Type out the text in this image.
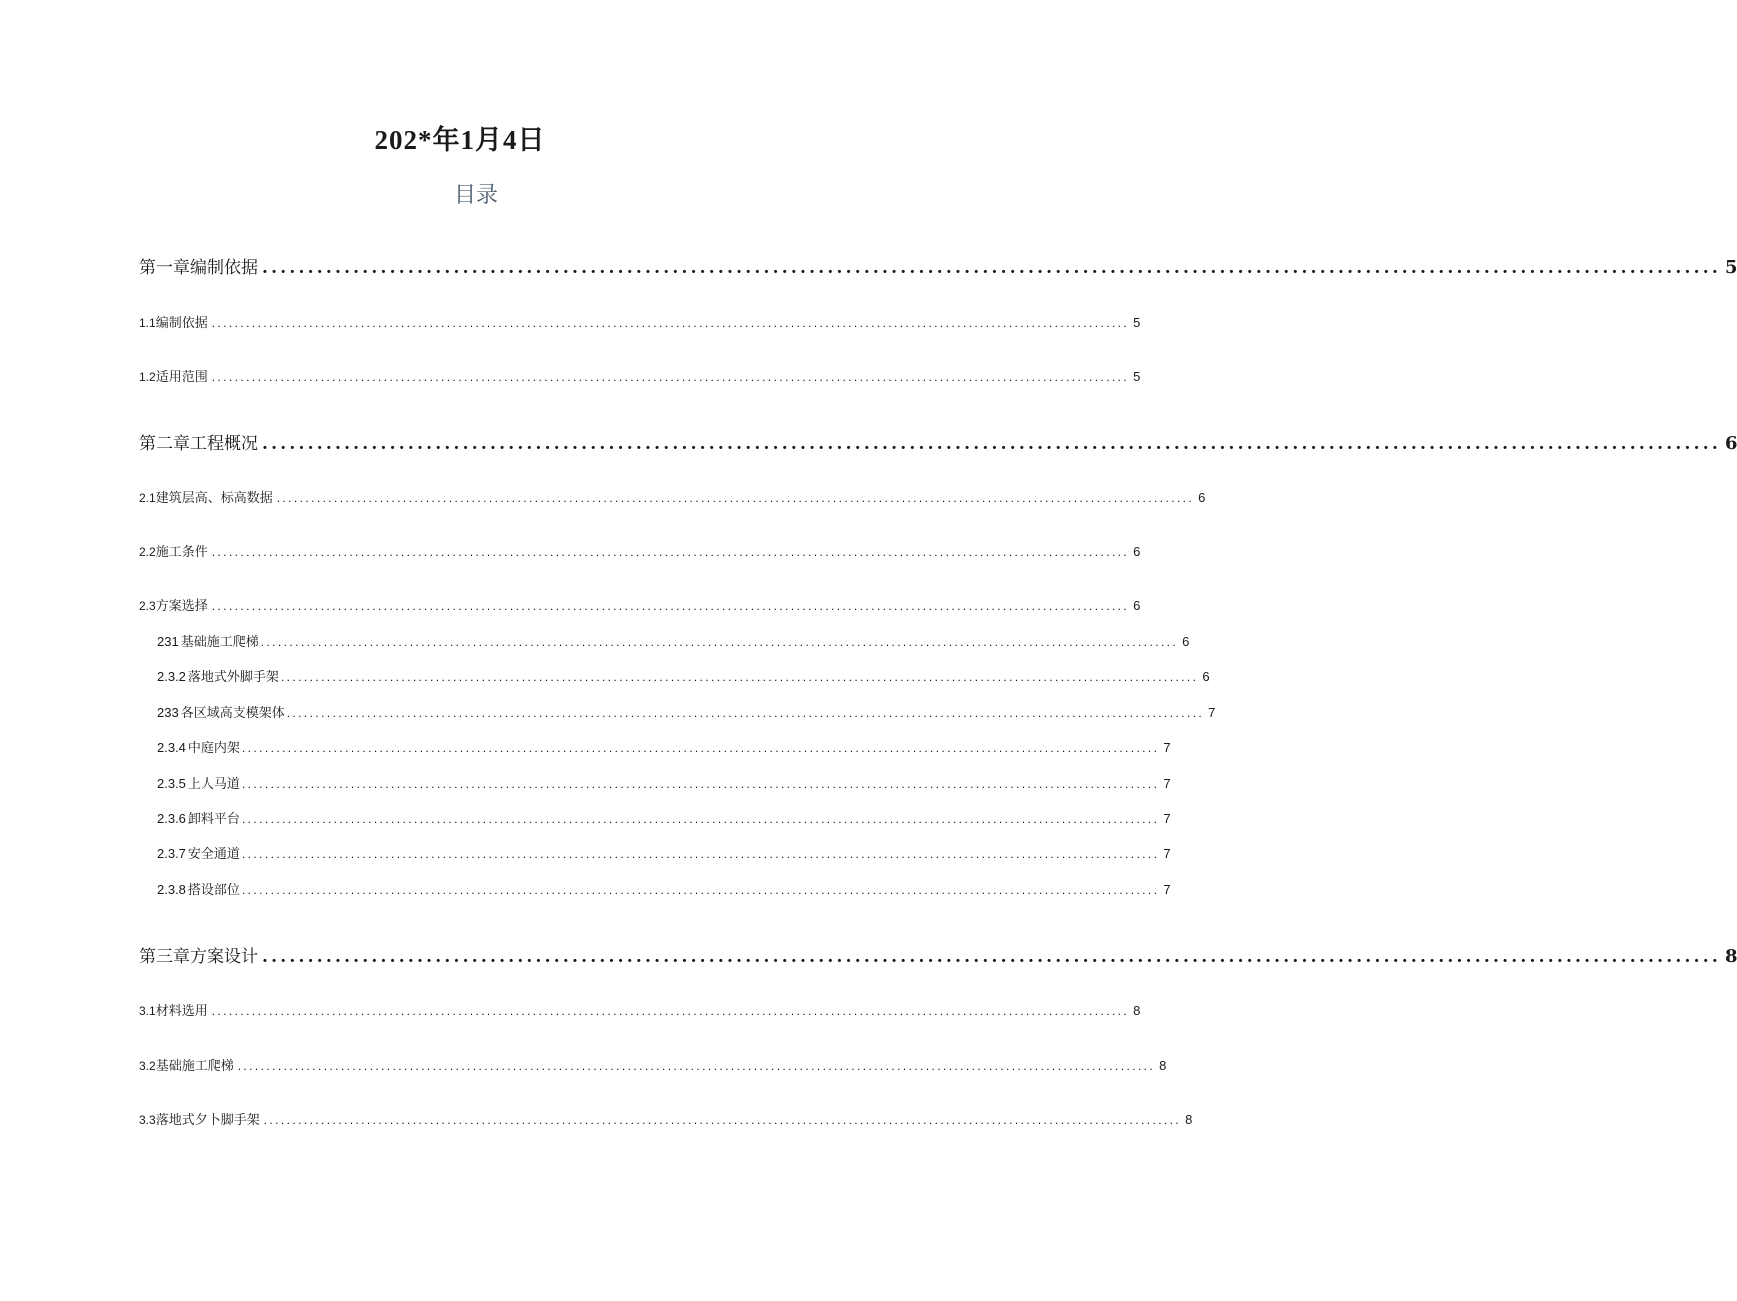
202*年1月4日
目录
第一章编制依据 ................................................................................................................................................................ 5
1.1 编制依据 ................................................................................................................................................................ 5
1.2 适用范围 ................................................................................................................................................................ 5
第二章工程概况 ................................................................................................................................................................ 6
2.1 建筑层高、标高数据 ................................................................................................................................................................ 6
2.2 施工条件 ................................................................................................................................................................ 6
2.3 方案选择 ................................................................................................................................................................ 6
231 基础施工爬梯 ................................................................................................................................................................ 6
2.3.2 落地式外脚手架 ................................................................................................................................................................ 6
233 各区域高支模架体 ................................................................................................................................................................ 7
2.3.4 中庭内架 ................................................................................................................................................................ 7
2.3.5 上人马道 ................................................................................................................................................................ 7
2.3.6 卸料平台 ................................................................................................................................................................ 7
2.3.7 安全通道 ................................................................................................................................................................ 7
2.3.8 搭设部位 ................................................................................................................................................................ 7
第三章方案设计 ................................................................................................................................................................ 8
3.1 材料选用 ................................................................................................................................................................ 8
3.2 基础施工爬梯 ................................................................................................................................................................ 8
3.3 落地式夕卜脚手架 ................................................................................................................................................................ 8
